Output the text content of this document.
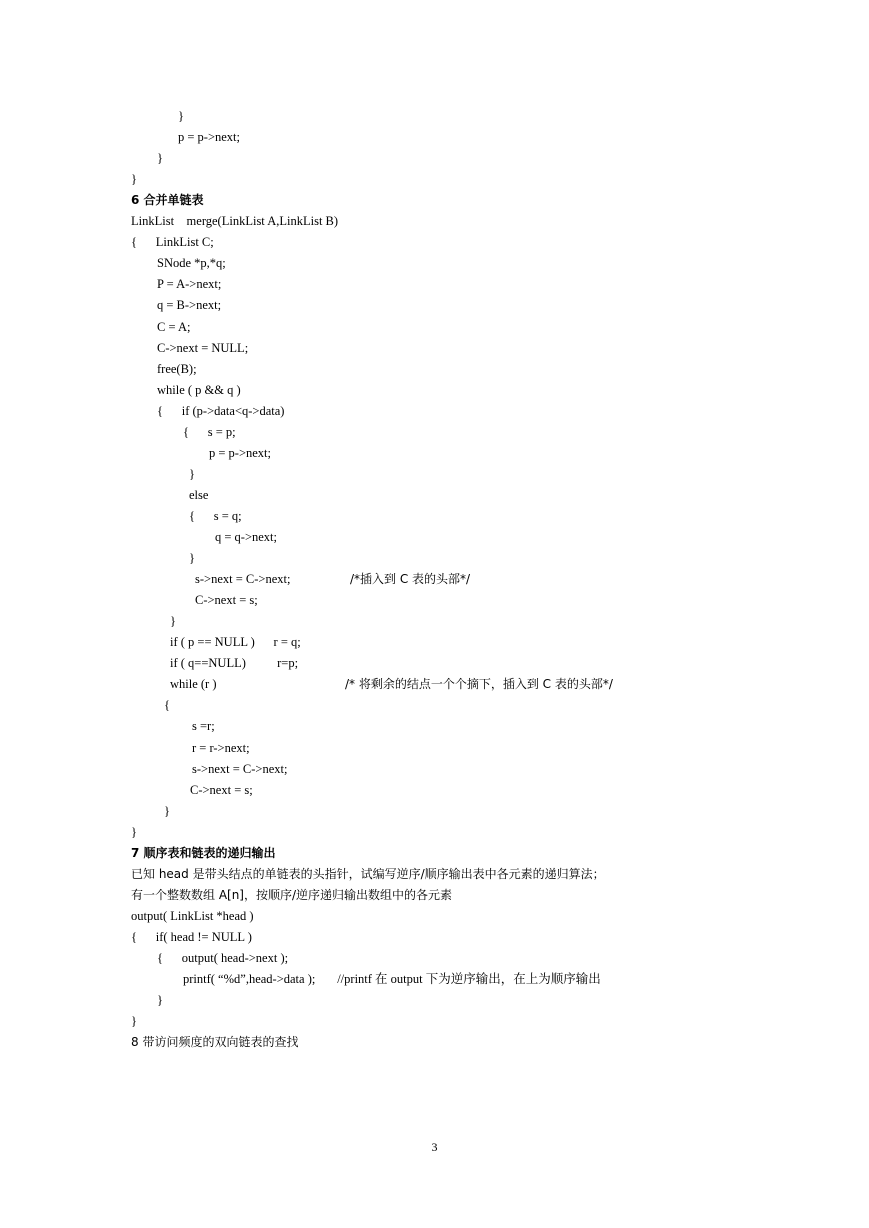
}
p = p->next;
}
}
6 合并单链表
LinkList    merge(LinkList A,LinkList B)
{      LinkList C;
SNode *p,*q;
P = A->next;
q = B->next;
C = A;
C->next = NULL;
free(B);
while ( p && q )
{      if (p->data<q->data)
{      s = p;
p = p->next;
}
else
{      s = q;
q = q->next;
}
s->next = C->next;	/*插入到 C 表的头部*/
C->next = s;
}
if ( p == NULL )      r = q;
if ( q==NULL)          r=p;
while (r )	/* 将剩余的结点一个个摘下，插入到 C 表的头部*/
{
s =r;
r = r->next;
s->next = C->next;
C->next = s;
}
}
7 顺序表和链表的递归输出
已知 head 是带头结点的单链表的头指针，试编写逆序/顺序输出表中各元素的递归算法；
有一个整数数组 A[n]，按顺序/逆序递归输出数组中的各元素
output( LinkList *head )
{      if( head != NULL )
{      output( head->next );
printf( “%d”,head->data );       //printf 在 output 下为逆序输出，在上为顺序输出
}
}
8 带访问频度的双向链表的查找
3
